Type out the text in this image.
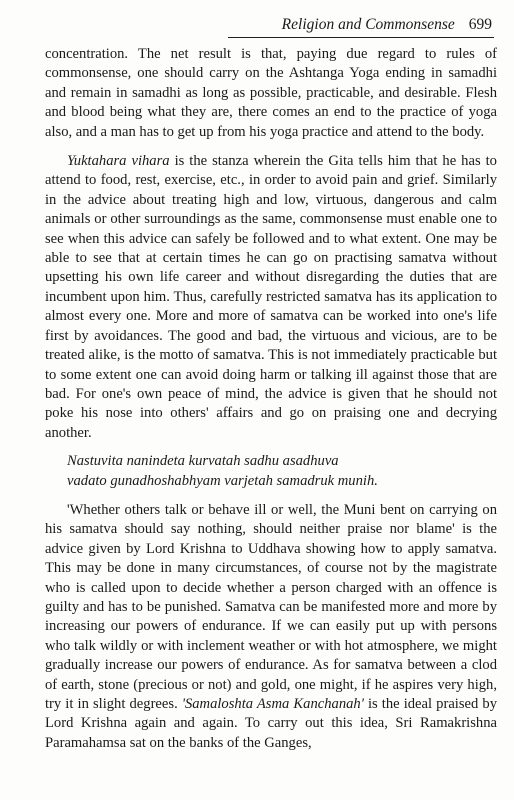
Religion and Commonsense 699

concentration. The net result is that, paying due regard to rules of commonsense, one should carry on the Ashtanga Yoga ending in samadhi and remain in samadhi as long as possible, practicable, and desirable. Flesh and blood being what they are, there comes an end to the practice of yoga also, and a man has to get up from his yoga practice and attend to the body.

Yuktahara vihara is the stanza wherein the Gita tells him that he has to attend to food, rest, exercise, etc., in order to avoid pain and grief. Similarly in the advice about treating high and low, virtuous, dangerous and calm animals or other surroundings as the same, commonsense must enable one to see when this advice can safely be followed and to what extent. One may be able to see that at certain times he can go on practising samatva without upsetting his own life career and without disregarding the duties that are incumbent upon him. Thus, carefully restricted samatva has its application to almost every one. More and more of samatva can be worked into one's life first by avoidances. The good and bad, the virtuous and vicious, are to be treated alike, is the motto of samatva. This is not immediately practicable but to some extent one can avoid doing harm or talking ill against those that are bad. For one's own peace of mind, the advice is given that he should not poke his nose into others' affairs and go on praising one and decrying another.

Nastuvita nanindeta kurvatah sadhu asadhuva
vadato gunadhoshabhyam varjetah samadruk munih.

'Whether others talk or behave ill or well, the Muni bent on carrying on his samatva should say nothing, should neither praise nor blame' is the advice given by Lord Krishna to Uddhava showing how to apply samatva. This may be done in many circumstances, of course not by the magistrate who is called upon to decide whether a person charged with an offence is guilty and has to be punished. Samatva can be manifested more and more by increasing our powers of endurance. If we can easily put up with persons who talk wildly or with inclement weather or with hot atmosphere, we might gradually increase our powers of endurance. As for samatva between a clod of earth, stone (precious or not) and gold, one might, if he aspires very high, try it in slight degrees. 'Samaloshta Asma Kanchanah' is the ideal praised by Lord Krishna again and again. To carry out this idea, Sri Ramakrishna Paramahamsa sat on the banks of the Ganges,
